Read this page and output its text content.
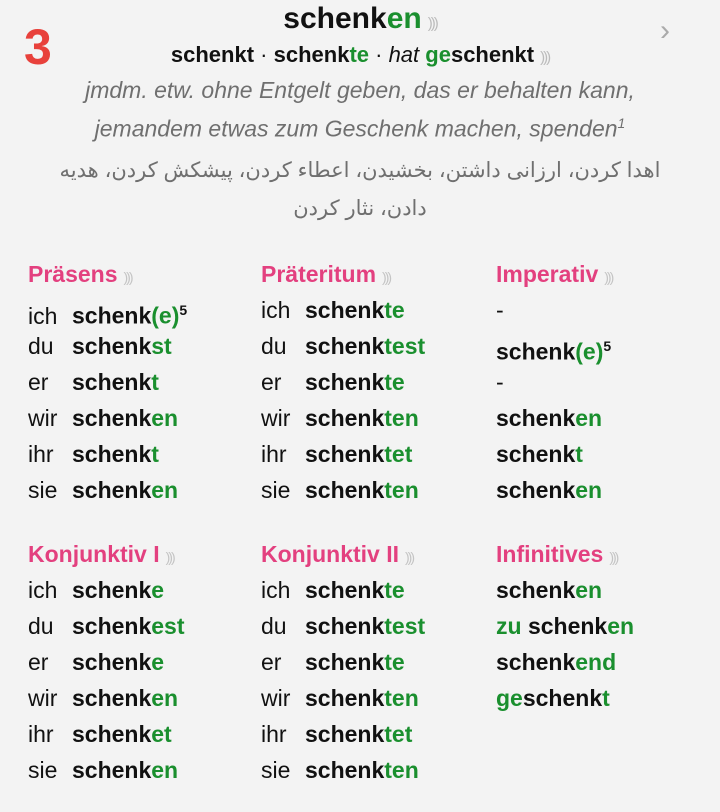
3	›
schenken )))
schenkt · schenkte · hat geschenkt )))
jmdm. etw. ohne Entgelt geben, das er behalten kann, jemandem etwas zum Geschenk machen, spenden$^1$
اهدا کردن، ارزانی داشتن، بخشیدن، اعطاء کردن، پیشکش کردن، هدیه دادن، نثار کردن
Präsens )))
ich $schenk(e)^5$
du schenkst
er schenkt
wir schenken
ihr schenkt
sie schenken
Präteritum )))
ich schenkte
du schenktest
er schenkte
wir schenkten
ihr schenktet
sie schenkten
Imperativ )))
-
$schenk(e)^5$
-
schenken
schenkt
schenken
Konjunktiv I )))
ich schenke
du schenkest
er schenke
wir schenken
ihr schenket
sie schenken
Konjunktiv II )))
ich schenkte
du schenktest
er schenkte
wir schenkten
ihr schenktet
sie schenkten
Infinitives )))
schenken
zu schenken
schenkend
geschenkt
